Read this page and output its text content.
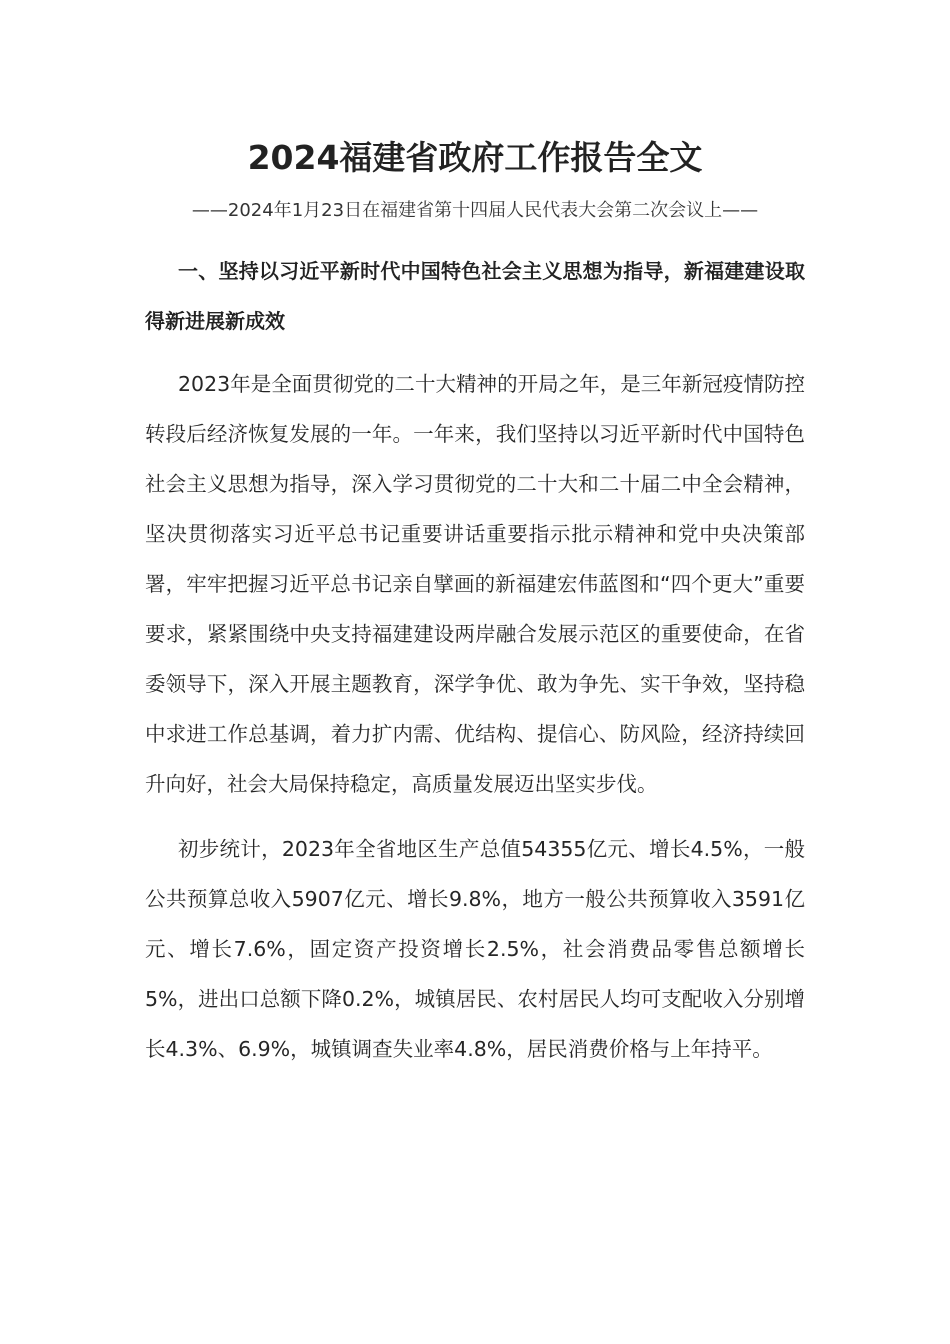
2024福建省政府工作报告全文
——2024年1月23日在福建省第十四届人民代表大会第二次会议上——
一、坚持以习近平新时代中国特色社会主义思想为指导，新福建建设取得新进展新成效

2023年是全面贯彻党的二十大精神的开局之年，是三年新冠疫情防控转段后经济恢复发展的一年。一年来，我们坚持以习近平新时代中国特色社会主义思想为指导，深入学习贯彻党的二十大和二十届二中全会精神，坚决贯彻落实习近平总书记重要讲话重要指示批示精神和党中央决策部署，牢牢把握习近平总书记亲自擘画的新福建宏伟蓝图和“四个更大”重要要求，紧紧围绕中央支持福建建设两岸融合发展示范区的重要使命，在省委领导下，深入开展主题教育，深学争优、敢为争先、实干争效，坚持稳中求进工作总基调，着力扩内需、优结构、提信心、防风险，经济持续回升向好，社会大局保持稳定，高质量发展迈出坚实步伐。

初步统计，2023年全省地区生产总值54355亿元、增长4.5%，一般公共预算总收入5907亿元、增长9.8%，地方一般公共预算收入3591亿元、增长7.6%，固定资产投资增长2.5%，社会消费品零售总额增长5%，进出口总额下降0.2%，城镇居民、农村居民人均可支配收入分别增长4.3%、6.9%，城镇调查失业率4.8%，居民消费价格与上年持平。
